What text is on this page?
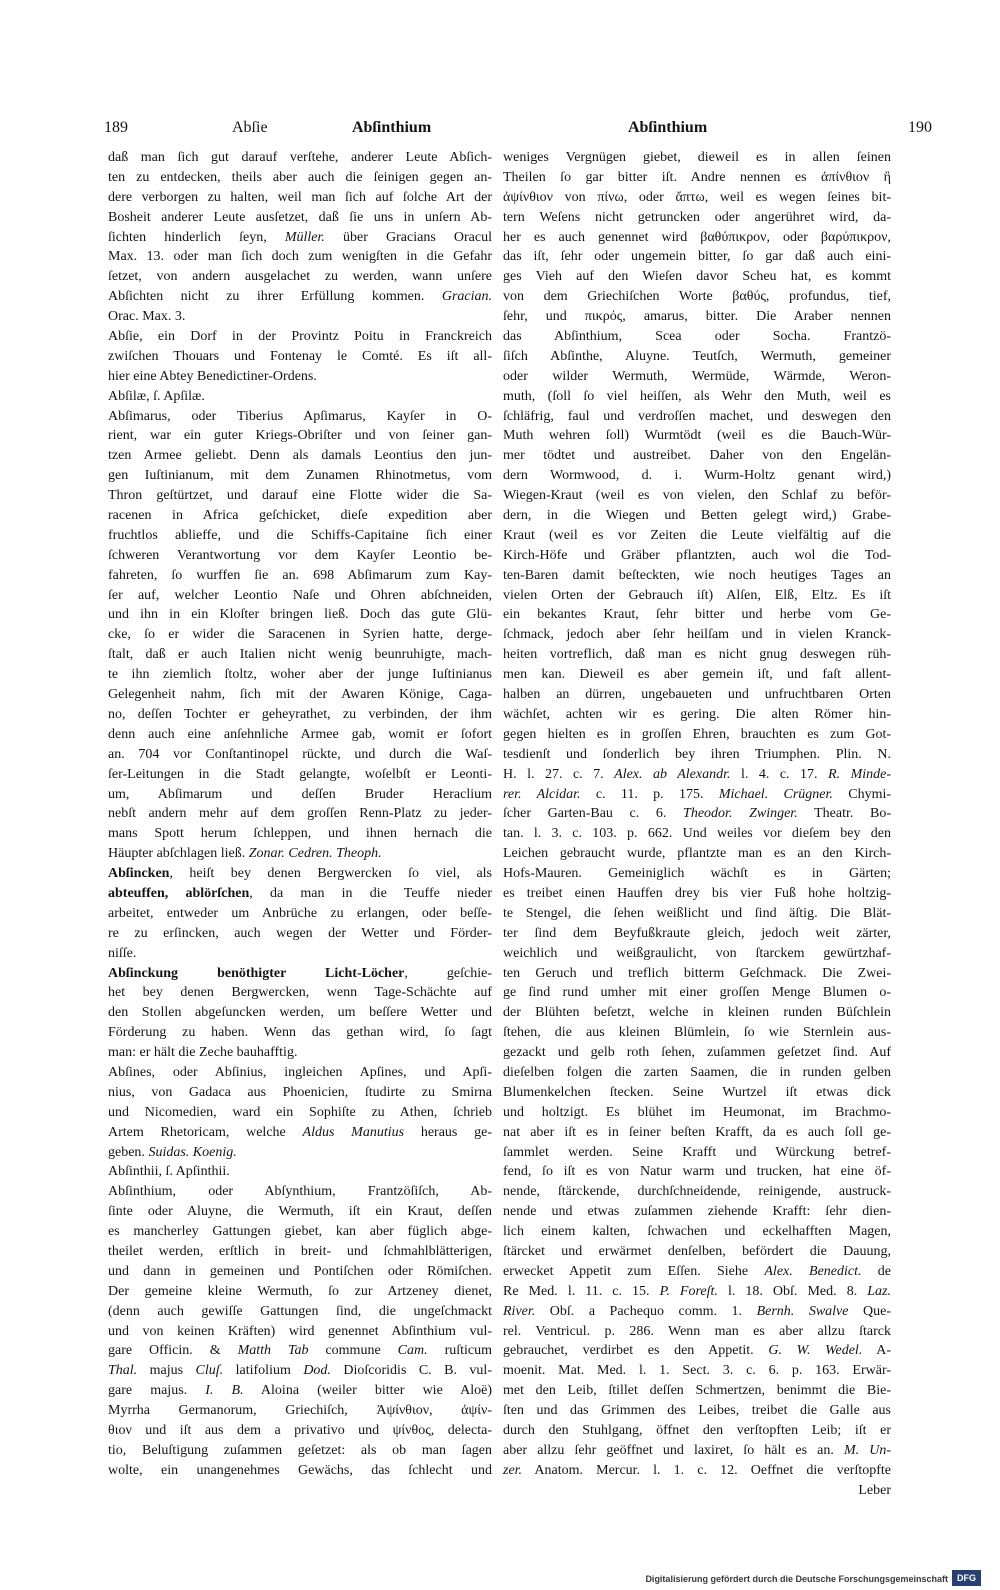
189	Abſie	Abſinthium	Abſinthium	190
daß man ſich gut darauf verſtehe, anderer Leute Abſich-
ten zu entdecken, theils aber auch die ſeinigen gegen an-
dere verborgen zu halten, weil man ſich auf ſolche Art der
Bosheit anderer Leute ausſetzet, daß ſie uns in unſern Ab-
ſichten hinderlich ſeyn, Müller. über Gracians Oracul
Max. 13. oder man ſich doch zum wenigſten in die Gefahr
ſetzet, von andern ausgelachet zu werden, wann unſere
Abſichten nicht zu ihrer Erfüllung kommen. Gracian.
Orac. Max. 3.
Abſie, ein Dorf in der Provintz Poitu in Franckreich
zwiſchen Thouars und Fontenay le Comté. Es iſt all-
hier eine Abtey Benedictiner-Ordens.
Abſilæ, ſ. Apſilæ.
Abſimarus, oder Tiberius Apſimarus, Kayſer in O-
rient, war ein guter Kriegs-Obriſter und von ſeiner gan-
tzen Armee geliebt. Denn als damals Leontius den jun-
gen Iuſtinianum, mit dem Zunamen Rhinotmetus, vom
Thron geſtürtzet, und darauf eine Flotte wider die Sa-
racenen in Africa geſchicket, dieſe expedition aber
fruchtlos ablieffe, und die Schiffs-Capitaine ſich einer
ſchweren Verantwortung vor dem Kayſer Leontio be-
fahreten, ſo wurffen ſie an. 698 Abſimarum zum Kay-
ſer auf, welcher Leontio Naſe und Ohren abſchneiden,
und ihn in ein Kloſter bringen ließ. Doch das gute Glü-
cke, ſo er wider die Saracenen in Syrien hatte, derge-
ſtalt, daß er auch Italien nicht wenig beunruhigte, mach-
te ihn ziemlich ſtoltz, woher aber der junge Iuſtinianus
Gelegenheit nahm, ſich mit der Awaren Könige, Caga-
no, deſſen Tochter er geheyrathet, zu verbinden, der ihm
denn auch eine anſehnliche Armee gab, womit er ſofort
an. 704 vor Conſtantinopel rückte, und durch die Waſ-
ſer-Leitungen in die Stadt gelangte, woſelbſt er Leonti-
um, Abſimarum und deſſen Bruder Heraclium
nebſt andern mehr auf dem groſſen Renn-Platz zu jeder-
mans Spott herum ſchleppen, und ihnen hernach die
Häupter abſchlagen ließ. Zonar. Cedren. Theoph.
Abſincken, heiſt bey denen Bergwercken ſo viel, als
abteuffen, ablörſchen, da man in die Teuffe nieder
arbeitet, entweder um Anbrüche zu erlangen, oder beſſe-
re zu erſincken, auch wegen der Wetter und Förder-
niſſe.
Abſinckung benöthigter Licht-Löcher, geſchie-
het bey denen Bergwercken, wenn Tage-Schächte auf
den Stollen abgeſuncken werden, um beſſere Wetter und
Förderung zu haben. Wenn das gethan wird, ſo ſagt
man: er hält die Zeche bauhafftig.
Abſines, oder Abſinius, ingleichen Apſines, und Apſi-
nius, von Gadaca aus Phoenicien, ſtudirte zu Smirna
und Nicomedien, ward ein Sophiſte zu Athen, ſchrieb
Artem Rhetoricam, welche Aldus Manutius heraus ge-
geben. Suidas. Koenig.
Abſinthii, ſ. Apſinthii.
Abſinthium, oder Abſynthium, Frantzöſiſch, Ab-
ſinte oder Aluyne, die Wermuth, iſt ein Kraut, deſſen
es mancherley Gattungen giebet, kan aber füglich abge-
theilet werden, erſtlich in breit- und ſchmahlblätterigen,
und dann in gemeinen und Pontiſchen oder Römiſchen.
Der gemeine kleine Wermuth, ſo zur Artzeney dienet,
(denn auch gewiſſe Gattungen ſind, die ungeſchmackt
und von keinen Kräften) wird genennet Abſinthium vul-
gare Officin. & Matth Tab commune Cam. ruſticum
Thal. majus Cluſ. latifolium Dod. Dioſcoridis C. B. vul-
gare majus. I. B. Aloina (weiler bitter wie Aloë)
Myrrha Germanorum, Griechiſch, Ἀψίνθιον, ἀψίν-
θιον und iſt aus dem a privativo und ψίνθος, delecta-
tio, Beluſtigung zuſammen geſetzet: als ob man ſagen
wolte, ein unangenehmes Gewächs, das ſchlecht und
weniges Vergnügen giebet, dieweil es in allen ſeinen
Theilen ſo gar bitter iſt. Andre nennen es ἀπίνθιον ἢ
ἀψίνθιον von πίνω, oder ἄπτω, weil es wegen ſeines bit-
tern Weſens nicht getruncken oder angerühret wird, da-
her es auch genennet wird βαθύπικρον, oder βαρύπικρον,
das iſt, ſehr oder ungemein bitter, ſo gar daß auch eini-
ges Vieh auf den Wieſen davor Scheu hat, es kommt
von dem Griechiſchen Worte βαθύς, profundus, tief,
ſehr, und πικρός, amarus, bitter. Die Araber nennen
das Abſinthium, Scea oder Socha. Frantzö-
ſiſch Abſinthe, Aluyne. Teutſch, Wermuth, gemeiner
oder wilder Wermuth, Wermüde, Wärmde, Weron-
muth, (ſoll ſo viel heiſſen, als Wehr den Muth, weil es
ſchläfrig, faul und verdroſſen machet, und deswegen den
Muth wehren ſoll) Wurmtödt (weil es die Bauch-Wür-
mer tödtet und austreibet. Daher von den Engelän-
dern Wormwood, d. i. Wurm-Holtz genant wird,)
Wiegen-Kraut (weil es von vielen, den Schlaf zu beför-
dern, in die Wiegen und Betten gelegt wird,) Grabe-
Kraut (weil es vor Zeiten die Leute vielfältig auf die
Kirch-Höfe und Gräber pflantzten, auch wol die Tod-
ten-Baren damit beſteckten, wie noch heutiges Tages an
vielen Orten der Gebrauch iſt) Alſen, Elß, Eltz. Es iſt
ein bekantes Kraut, ſehr bitter und herbe vom Ge-
ſchmack, jedoch aber ſehr heilſam und in vielen Kranck-
heiten vortreflich, daß man es nicht gnug deswegen rüh-
men kan. Dieweil es aber gemein iſt, und faſt allent-
halben an dürren, ungebaueten und unfruchtbaren Orten
wächſet, achten wir es gering. Die alten Römer hin-
gegen hielten es in groſſen Ehren, brauchten es zum Got-
tesdienſt und ſonderlich bey ihren Triumphen. Plin. N.
H. l. 27. c. 7. Alex. ab Alexandr. l. 4. c. 17. R. Minde-
rer. Alcidar. c. 11. p. 175. Michael. Crügner. Chymi-
ſcher Garten-Bau c. 6. Theodor. Zwinger. Theatr. Bo-
tan. l. 3. c. 103. p. 662. Und weiles vor dieſem bey den
Leichen gebraucht wurde, pflantzte man es an den Kirch-
Hofs-Mauren. Gemeiniglich wächſt es in Gärten;
es treibet einen Hauffen drey bis vier Fuß hohe holtzig-
te Stengel, die ſehen weißlicht und ſind äſtig. Die Blät-
ter ſind dem Beyfußkraute gleich, jedoch weit zärter,
weichlich und weißgraulicht, von ſtarckem gewürtzhaf-
ten Geruch und treflich bitterm Geſchmack. Die Zwei-
ge ſind rund umher mit einer groſſen Menge Blumen o-
der Blühten beſetzt, welche in kleinen runden Büſchlein
ſtehen, die aus kleinen Blümlein, ſo wie Sternlein aus-
gezackt und gelb roth ſehen, zuſammen geſetzet ſind. Auf
dieſelben folgen die zarten Saamen, die in runden gelben
Blumenkelchen ſtecken. Seine Wurtzel iſt etwas dick
und holtzigt. Es blühet im Heumonat, im Brachmo-
nat aber iſt es in ſeiner beſten Krafft, da es auch ſoll ge-
ſammlet werden. Seine Krafft und Würckung betref-
fend, ſo iſt es von Natur warm und trucken, hat eine öf-
nende, ſtärckende, durchſchneidende, reinigende, austruck-
nende und etwas zuſammen ziehende Krafft: ſehr dien-
lich einem kalten, ſchwachen und eckelhafften Magen,
ſtärcket und erwärmet denſelben, befördert die Dauung,
erwecket Appetit zum Eſſen. Siehe Alex. Benedict. de
Re Med. l. 11. c. 15. P. Foreſt. l. 18. Obſ. Med. 8. Laz.
River. Obſ. a Pachequo comm. 1. Bernh. Swalve Que-
rel. Ventricul. p. 286. Wenn man es aber allzu ſtarck
gebrauchet, verdirbet es den Appetit. G. W. Wedel. A-
moenit. Mat. Med. l. 1. Sect. 3. c. 6. p. 163. Erwär-
met den Leib, ſtillet deſſen Schmertzen, benimmt die Bie-
ſten und das Grimmen des Leibes, treibet die Galle aus
durch den Stuhlgang, öffnet den verſtopften Leib; iſt er
aber allzu ſehr geöffnet und laxiret, ſo hält es an. M. Un-
zer. Anatom. Mercur. l. 1. c. 12. Oeffnet die verſtopfte
Leber
Digitalisierung gefördert durch die Deutsche Forschungsgemeinschaft	DFG
